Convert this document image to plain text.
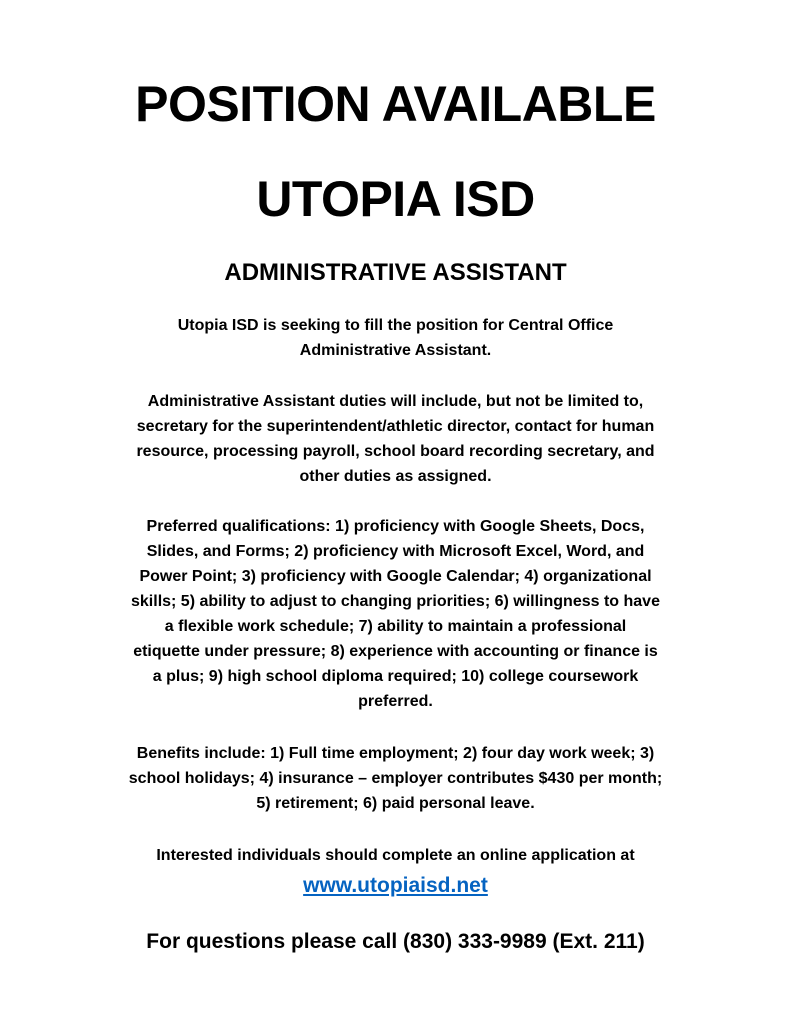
POSITION AVAILABLE
UTOPIA ISD
ADMINISTRATIVE ASSISTANT
Utopia ISD is seeking to fill the position for Central Office
Administrative Assistant.
Administrative Assistant duties will include, but not be limited to,
secretary for the superintendent/athletic director, contact for human
resource, processing payroll, school board recording secretary, and
other duties as assigned.
Preferred qualifications: 1) proficiency with Google Sheets, Docs,
Slides, and Forms; 2) proficiency with Microsoft Excel, Word, and
Power Point; 3) proficiency with Google Calendar; 4) organizational
skills; 5) ability to adjust to changing priorities; 6) willingness to have
a flexible work schedule; 7) ability to maintain a professional
etiquette under pressure; 8) experience with accounting or finance is
a plus; 9) high school diploma required; 10) college coursework
preferred.
Benefits include: 1) Full time employment; 2) four day work week; 3)
school holidays; 4) insurance – employer contributes $430 per month;
5) retirement; 6) paid personal leave.
Interested individuals should complete an online application at
www.utopiaisd.net
For questions please call (830) 333-9989 (Ext. 211)
